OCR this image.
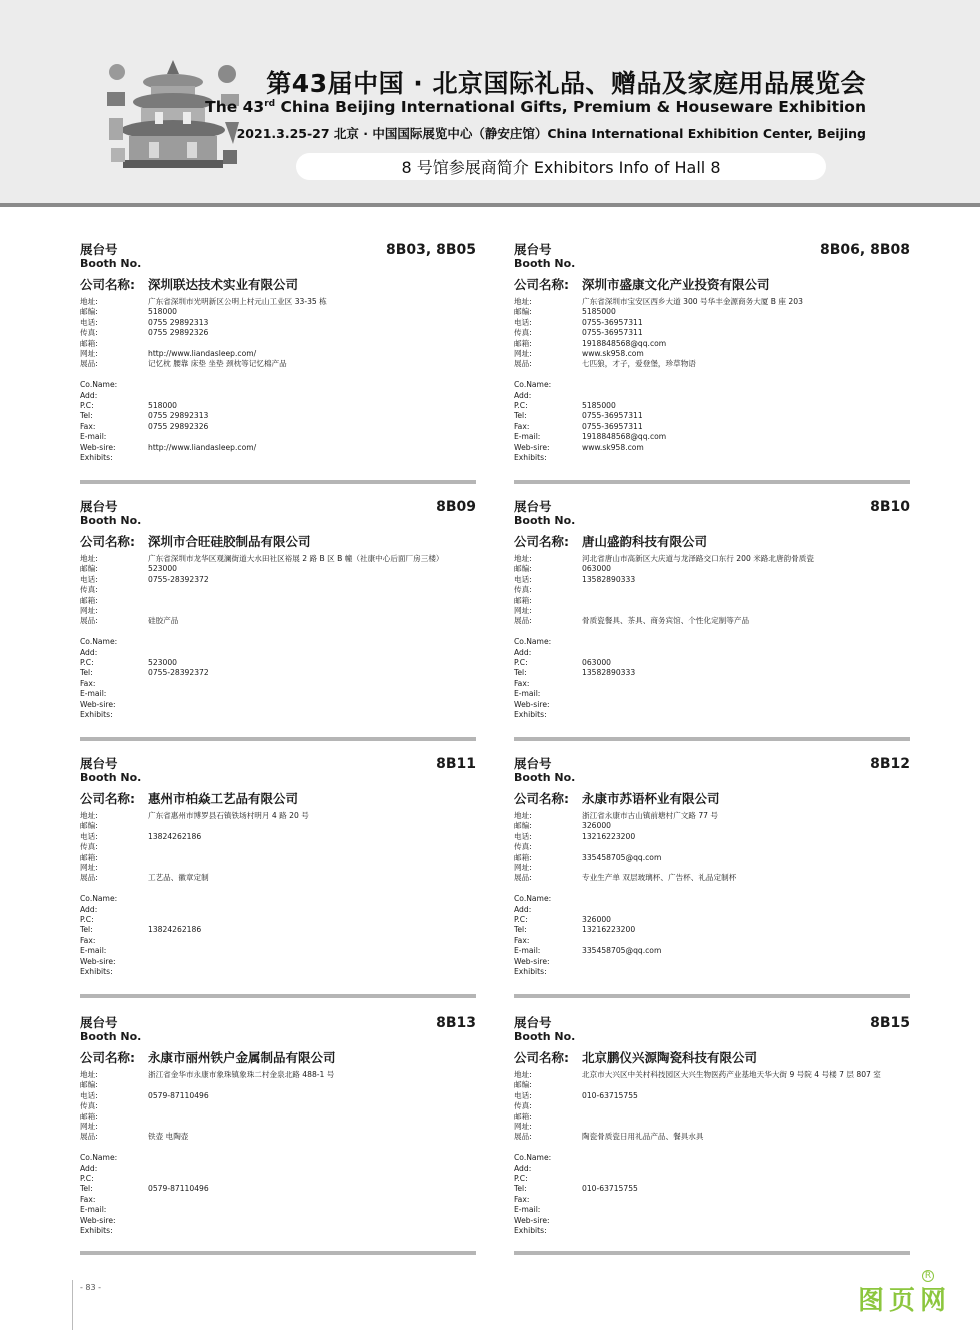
第43届中国 · 北京国际礼品、赠品及家庭用品展览会
The 43rd China Beijing International Gifts, Premium & Houseware Exhibition
2021.3.25-27 北京 · 中国国际展览中心（静安庄馆）China International Exhibition Center, Beijing
8 号馆参展商简介 Exhibitors Info of Hall 8
展台号
Booth No.
8B03, 8B05
公司名称:	深圳联达技术实业有限公司
地址:	广东省深圳市光明新区公明上村元山工业区 33-35 栋
邮编:	518000
电话:	0755 29892313
传真:	0755 29892326
邮箱:
网址:	http://www.liandasleep.com/
展品:	记忆枕 腰靠 床垫 坐垫 颈枕等记忆棉产品
Co.Name:
Add:
P.C:	518000
Tel:	0755 29892313
Fax:	0755 29892326
E-mail:
Web-sire:	http://www.liandasleep.com/
Exhibits:
展台号
Booth No.
8B06, 8B08
公司名称:	深圳市盛康文化产业投资有限公司
地址:	广东省深圳市宝安区西乡大道 300 号华丰金源商务大厦 B 座 203
邮编:	5185000
电话:	0755-36957311
传真:	0755-36957311
邮箱:	1918848568@qq.com
网址:	www.sk958.com
展品:	七匹狼，才子，爱登堡，珍草物语
Co.Name:
Add:
P.C:	5185000
Tel:	0755-36957311
Fax:	0755-36957311
E-mail:	1918848568@qq.com
Web-sire:	www.sk958.com
Exhibits:
展台号
Booth No.
8B09
公司名称:	深圳市合旺硅胶制品有限公司
地址:	广东省深圳市龙华区观澜街道大水田社区裕展 2 路 B 区 B 幢（社康中心后面厂房三楼）
邮编:	523000
电话:	0755-28392372
传真:
邮箱:
网址:
展品:	硅胶产品
Co.Name:
Add:
P.C:	523000
Tel:	0755-28392372
Fax:
E-mail:
Web-sire:
Exhibits:
展台号
Booth No.
8B10
公司名称:	唐山盛韵科技有限公司
地址:	河北省唐山市高新区大庆道与龙泽路交口东行 200 米路北唐韵骨质瓷
邮编:	063000
电话:	13582890333
传真:
邮箱:
网址:
展品:	骨质瓷餐具、茶具、商务宾馆、个性化定制等产品
Co.Name:
Add:
P.C:	063000
Tel:	13582890333
Fax:
E-mail:
Web-sire:
Exhibits:
展台号
Booth No.
8B11
公司名称:	惠州市柏焱工艺品有限公司
地址:	广东省惠州市博罗县石镇铁场村明月 4 路 20 号
邮编:
电话:	13824262186
传真:
邮箱:
网址:
展品:	工艺品、徽章定制
Co.Name:
Add:
P.C:
Tel:	13824262186
Fax:
E-mail:
Web-sire:
Exhibits:
展台号
Booth No.
8B12
公司名称:	永康市苏语杯业有限公司
地址:	浙江省永康市古山镇前塘村广文路 77 号
邮编:	326000
电话:	13216223200
传真:
邮箱:	335458705@qq.com
网址:
展品:	专业生产单 双层玻璃杯、广告杯、礼品定制杯
Co.Name:
Add:
P.C:	326000
Tel:	13216223200
Fax:
E-mail:	335458705@qq.com
Web-sire:
Exhibits:
展台号
Booth No.
8B13
公司名称:	永康市丽州铁户金属制品有限公司
地址:	浙江省金华市永康市象珠镇象珠二村金泉北路 488-1 号
邮编:
电话:	0579-87110496
传真:
邮箱:
网址:
展品:	铁壶 电陶壶
Co.Name:
Add:
P.C:
Tel:	0579-87110496
Fax:
E-mail:
Web-sire:
Exhibits:
展台号
Booth No.
8B15
公司名称:	北京鹏仪兴源陶瓷科技有限公司
地址:	北京市大兴区中关村科技园区大兴生物医药产业基地天华大街 9 号院 4 号楼 7 层 807 室
邮编:
电话:	010-63715755
传真:
邮箱:
网址:
展品:	陶瓷骨质瓷日用礼品产品、餐具水具
Co.Name:
Add:
P.C:
Tel:	010-63715755
Fax:
E-mail:
Web-sire:
Exhibits:
- 83 -	图页网
R
